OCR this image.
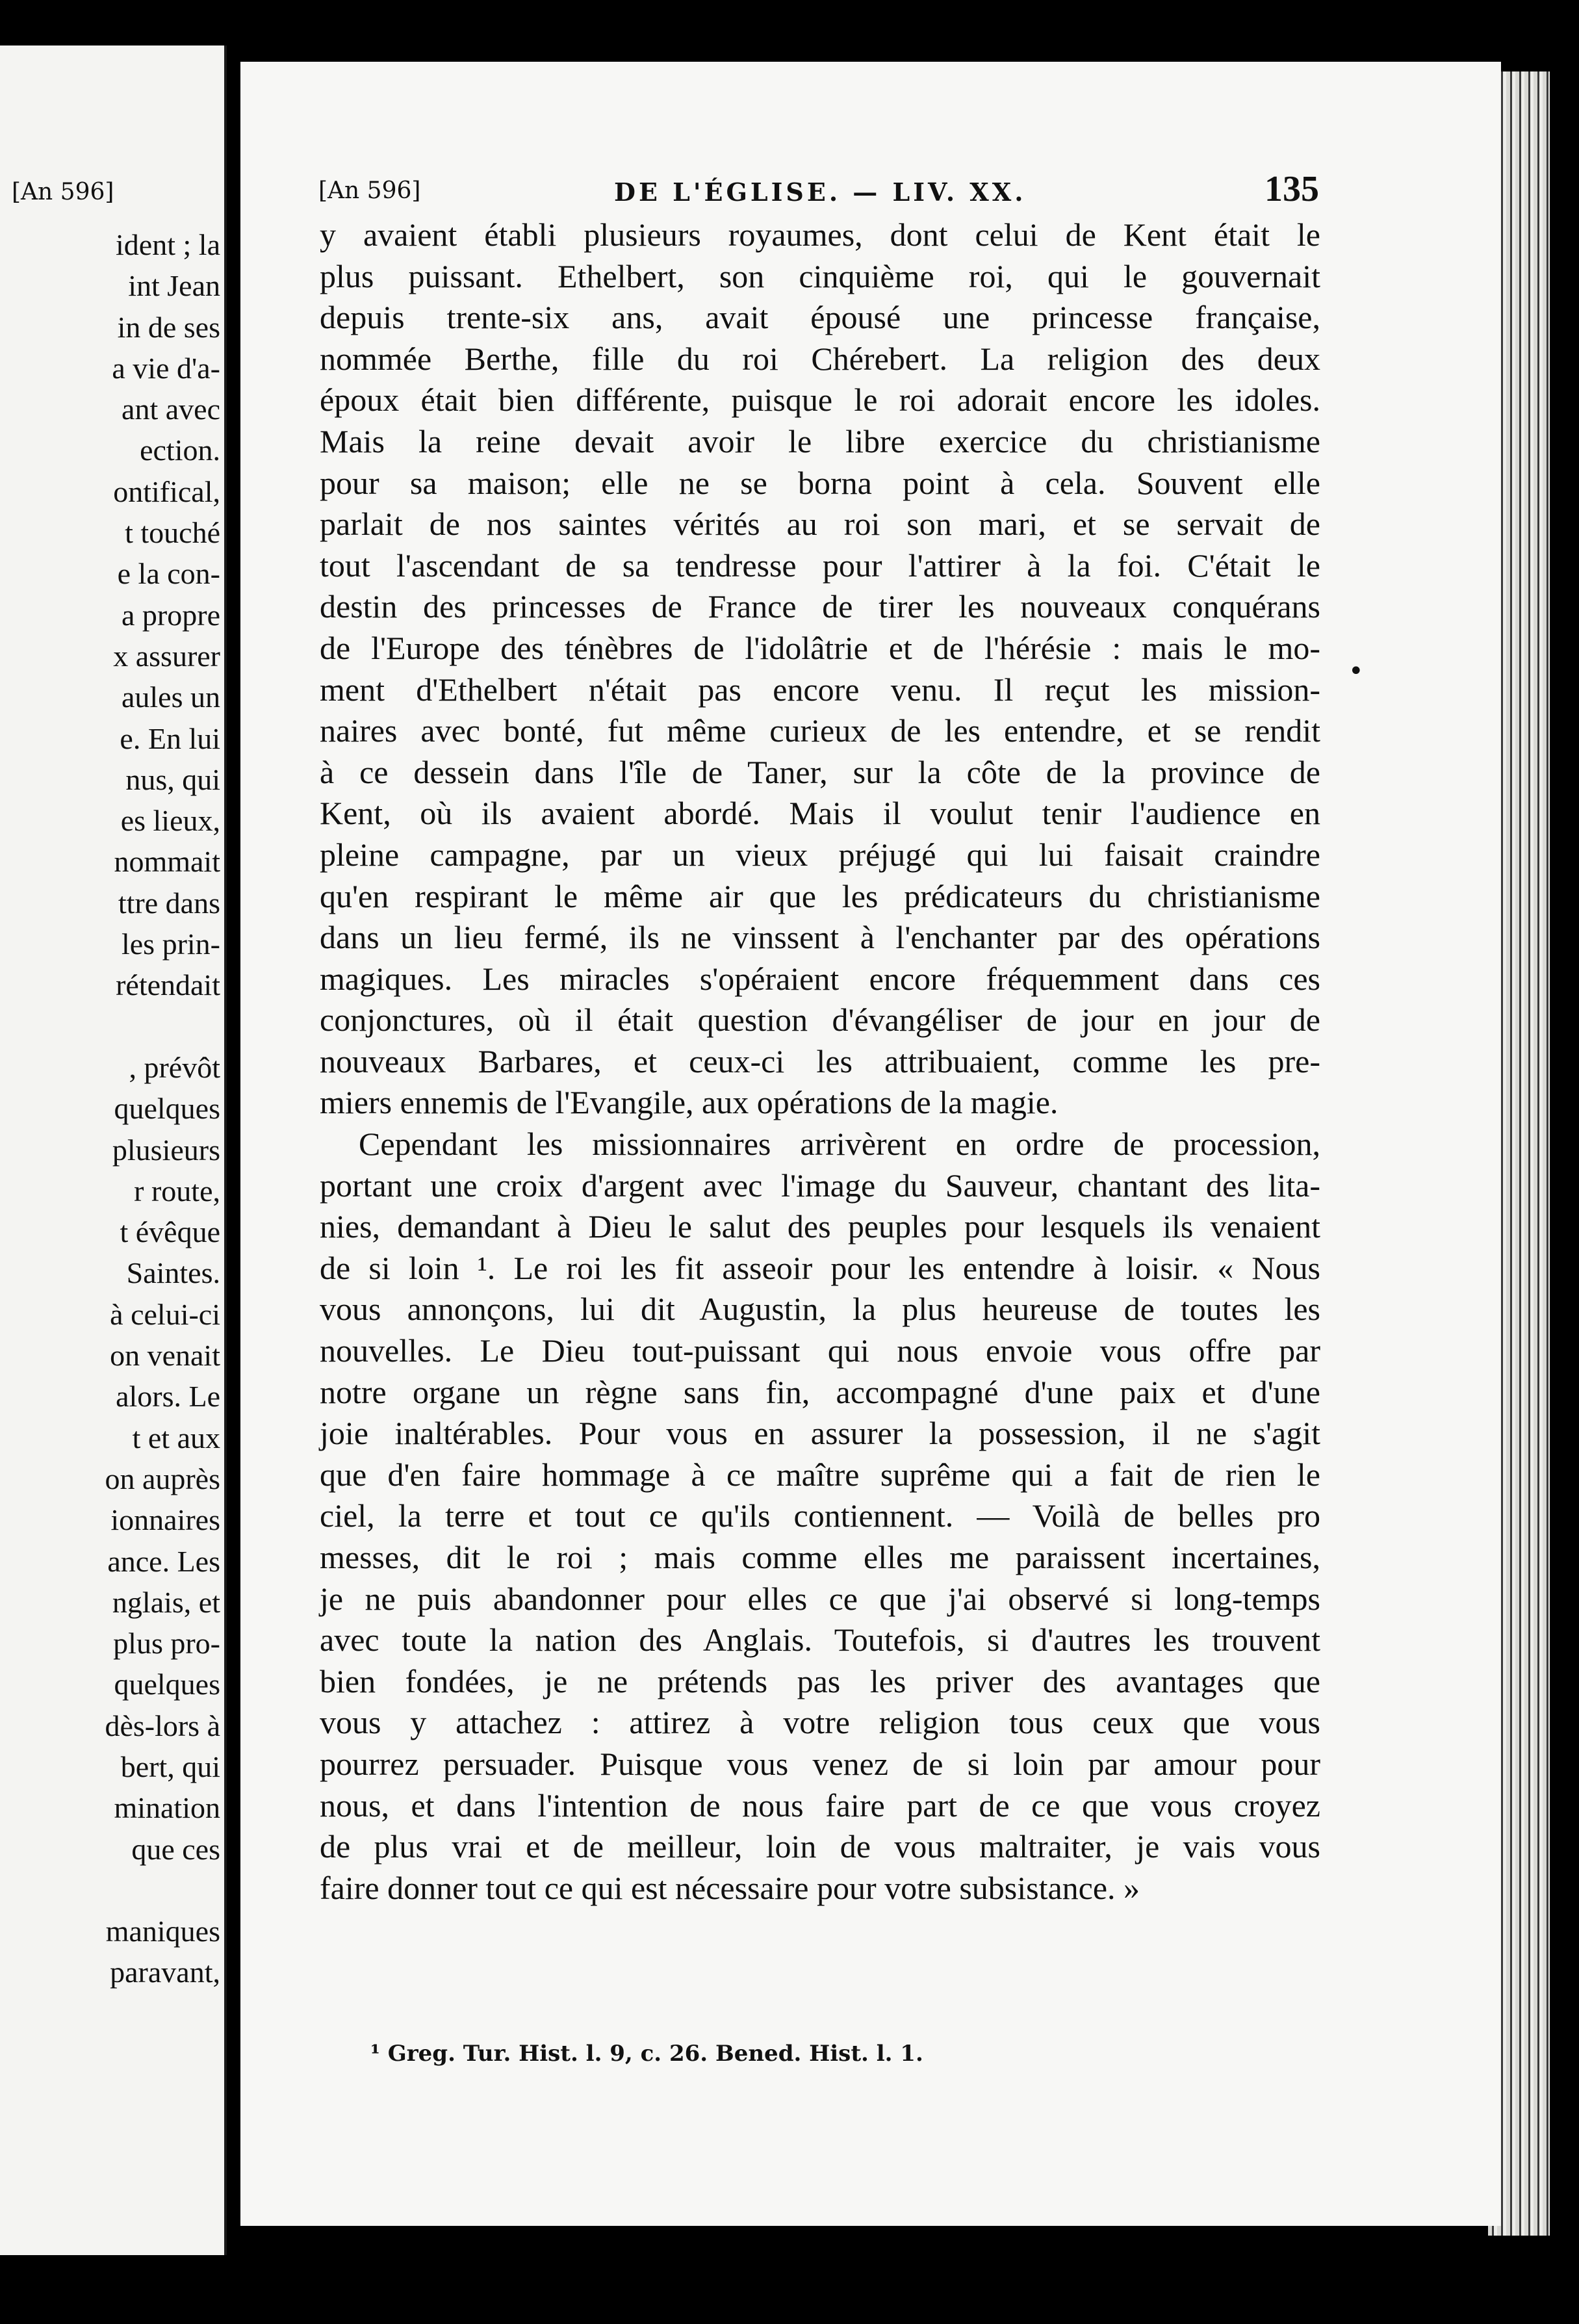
[An 596]
ident ; la
int Jean
in de ses
a vie d'a-
ant avec
ection.
ontifical,
t touché
e la con-
a propre
x assurer
aules un
e. En lui
nus, qui
es lieux,
nommait
ttre dans
les prin-
rétendait
, prévôt
quelques
plusieurs
r route,
t évêque
Saintes.
à celui-ci
on venait
alors. Le
t et aux
on auprès
ionnaires
ance. Les
nglais, et
plus pro-
quelques
dès-lors à
bert, qui
mination
que ces
maniques
paravant,
[An 596]	DE L'ÉGLISE. — LIV. XX.	135
y avaient établi plusieurs royaumes, dont celui de Kent était le
plus puissant. Ethelbert, son cinquième roi, qui le gouvernait
depuis trente-six ans, avait épousé une princesse française,
nommée Berthe, fille du roi Chérebert. La religion des deux
époux était bien différente, puisque le roi adorait encore les idoles.
Mais la reine devait avoir le libre exercice du christianisme
pour sa maison; elle ne se borna point à cela. Souvent elle
parlait de nos saintes vérités au roi son mari, et se servait de
tout l'ascendant de sa tendresse pour l'attirer à la foi. C'était le
destin des princesses de France de tirer les nouveaux conquérans
de l'Europe des ténèbres de l'idolâtrie et de l'hérésie : mais le mo-
ment d'Ethelbert n'était pas encore venu. Il reçut les mission-
naires avec bonté, fut même curieux de les entendre, et se rendit
à ce dessein dans l'île de Taner, sur la côte de la province de
Kent, où ils avaient abordé. Mais il voulut tenir l'audience en
pleine campagne, par un vieux préjugé qui lui faisait craindre
qu'en respirant le même air que les prédicateurs du christianisme
dans un lieu fermé, ils ne vinssent à l'enchanter par des opérations
magiques. Les miracles s'opéraient encore fréquemment dans ces
conjonctures, où il était question d'évangéliser de jour en jour de
nouveaux Barbares, et ceux-ci les attribuaient, comme les pre-
miers ennemis de l'Evangile, aux opérations de la magie.
Cependant les missionnaires arrivèrent en ordre de procession,
portant une croix d'argent avec l'image du Sauveur, chantant des lita-
nies, demandant à Dieu le salut des peuples pour lesquels ils venaient
de si loin ¹. Le roi les fit asseoir pour les entendre à loisir. « Nous
vous annonçons, lui dit Augustin, la plus heureuse de toutes les
nouvelles. Le Dieu tout-puissant qui nous envoie vous offre par
notre organe un règne sans fin, accompagné d'une paix et d'une
joie inaltérables. Pour vous en assurer la possession, il ne s'agit
que d'en faire hommage à ce maître suprême qui a fait de rien le
ciel, la terre et tout ce qu'ils contiennent. — Voilà de belles pro
messes, dit le roi ; mais comme elles me paraissent incertaines,
je ne puis abandonner pour elles ce que j'ai observé si long-temps
avec toute la nation des Anglais. Toutefois, si d'autres les trouvent
bien fondées, je ne prétends pas les priver des avantages que
vous y attachez : attirez à votre religion tous ceux que vous
pourrez persuader. Puisque vous venez de si loin par amour pour
nous, et dans l'intention de nous faire part de ce que vous croyez
de plus vrai et de meilleur, loin de vous maltraiter, je vais vous
faire donner tout ce qui est nécessaire pour votre subsistance. »
¹ Greg. Tur. Hist. l. 9, c. 26. Bened. Hist. l. 1.
•
